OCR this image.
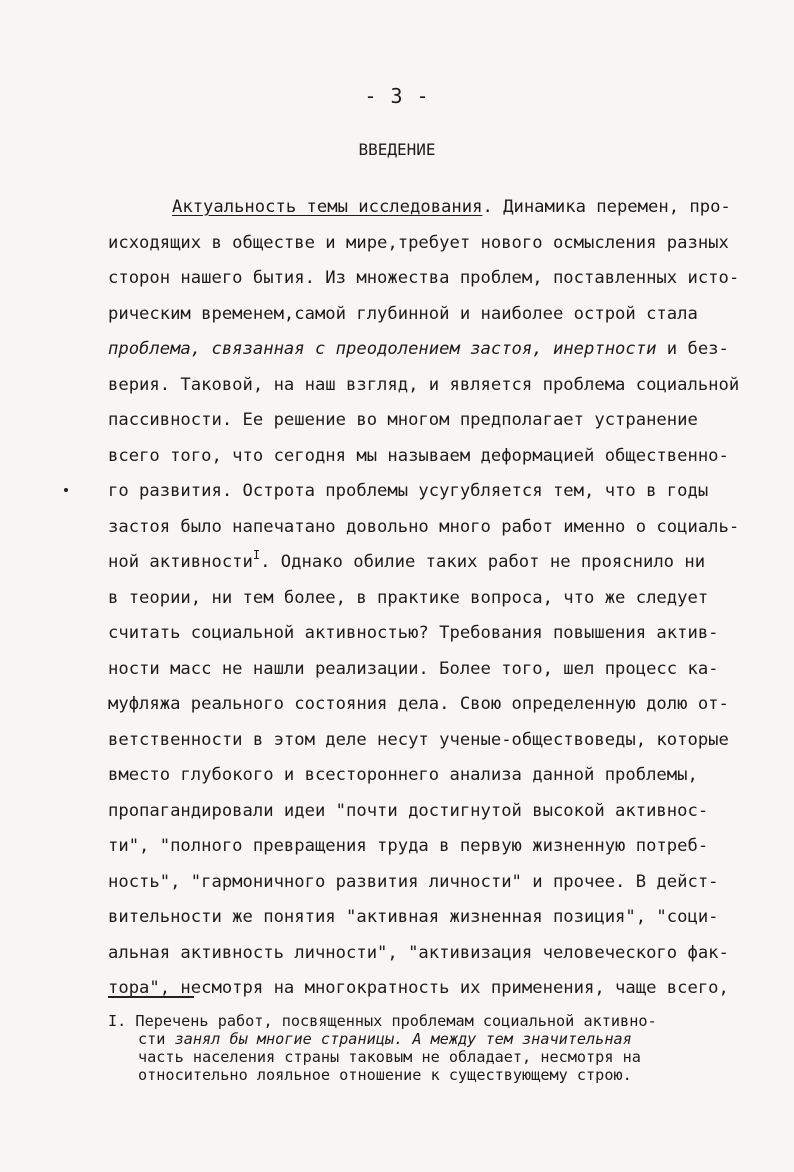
- 3 -
ВВЕДЕНИЕ
Актуальность темы исследования. Динамика перемен, про-
исходящих в обществе и мире,требует нового осмысления разных
сторон нашего бытия. Из множества проблем, поставленных исто-
рическим временем,самой глубинной и наиболее острой стала
проблема, связанная с преодолением застоя, инертности и без-
верия. Таковой, на наш взгляд, и является проблема социальной
пассивности. Ее решение во многом предполагает устранение
всего того, что сегодня мы называем деформацией общественно-
го развития. Острота проблемы усугубляется тем, что в годы
застоя было напечатано довольно много работ именно о социаль-
ной активности$^I$. Однако обилие таких работ не прояснило ни
в теории, ни тем более, в практике вопроса, что же следует
считать социальной активностью? Требования повышения актив-
ности масс не нашли реализации. Более того, шел процесс ка-
муфляжа реального состояния дела. Свою определенную долю от-
ветственности в этом деле несут ученые-обществоведы, которые
вместо глубокого и всестороннего анализа данной проблемы,
пропагандировали идеи "почти достигнутой высокой активнос-
ти", "полного превращения труда в первую жизненную потреб-
ность", "гармоничного развития личности" и прочее. В дейст-
вительности же понятия "активная жизненная позиция", "соци-
альная активность личности", "активизация человеческого фак-
тора", несмотря на многократность их применения, чаще всего,
I. Перечень работ, посвященных проблемам социальной активно-
сти занял бы многие страницы. А между тем значительная
часть населения страны таковым не обладает, несмотря на
относительно лояльное отношение к существующему строю.
